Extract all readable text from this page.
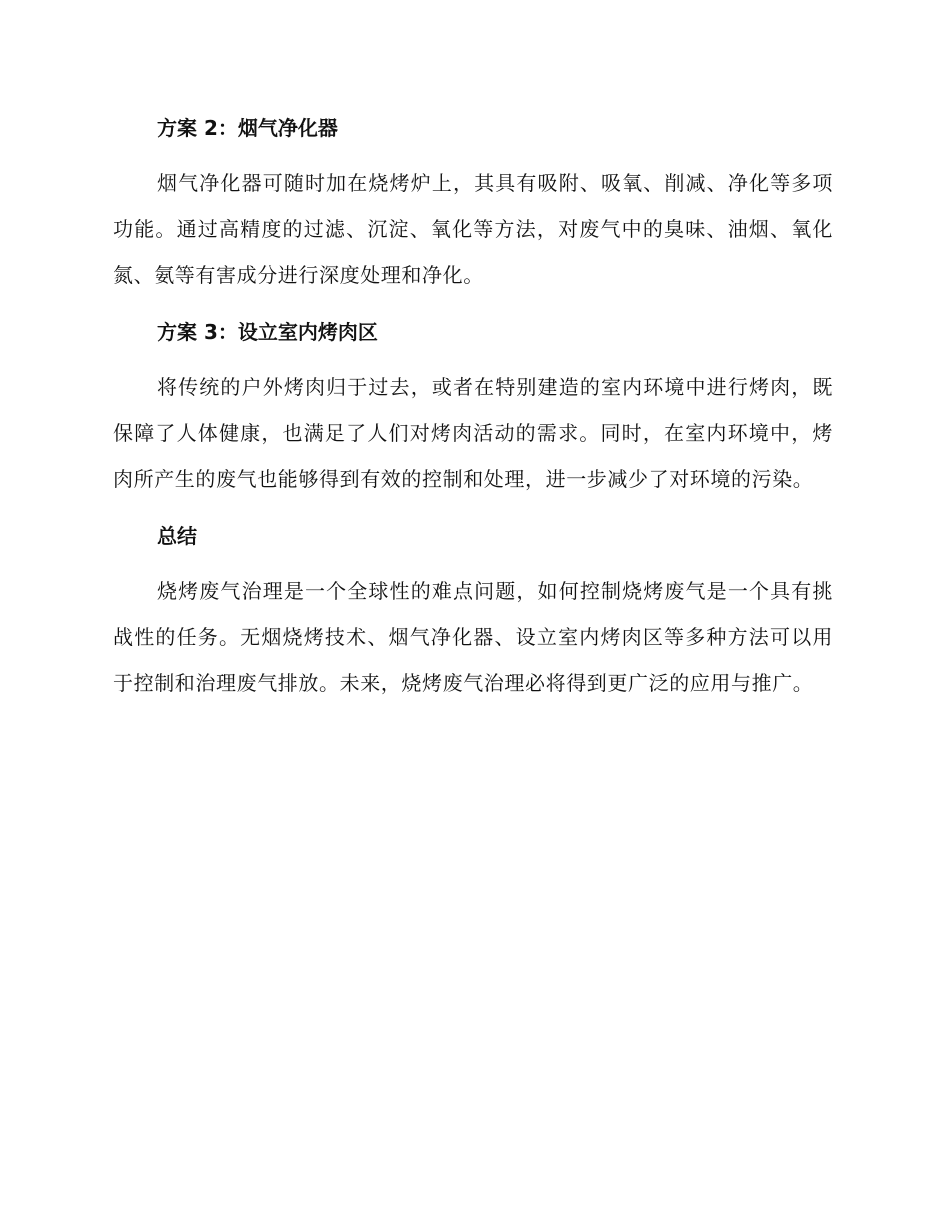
方案 2：烟气净化器

烟气净化器可随时加在烧烤炉上，其具有吸附、吸氧、削减、净化等多项功能。通过高精度的过滤、沉淀、氧化等方法，对废气中的臭味、油烟、氧化氮、氨等有害成分进行深度处理和净化。

方案 3：设立室内烤肉区

将传统的户外烤肉归于过去，或者在特别建造的室内环境中进行烤肉，既保障了人体健康，也满足了人们对烤肉活动的需求。同时，在室内环境中，烤肉所产生的废气也能够得到有效的控制和处理，进一步减少了对环境的污染。

总结

烧烤废气治理是一个全球性的难点问题，如何控制烧烤废气是一个具有挑战性的任务。无烟烧烤技术、烟气净化器、设立室内烤肉区等多种方法可以用于控制和治理废气排放。未来，烧烤废气治理必将得到更广泛的应用与推广。
